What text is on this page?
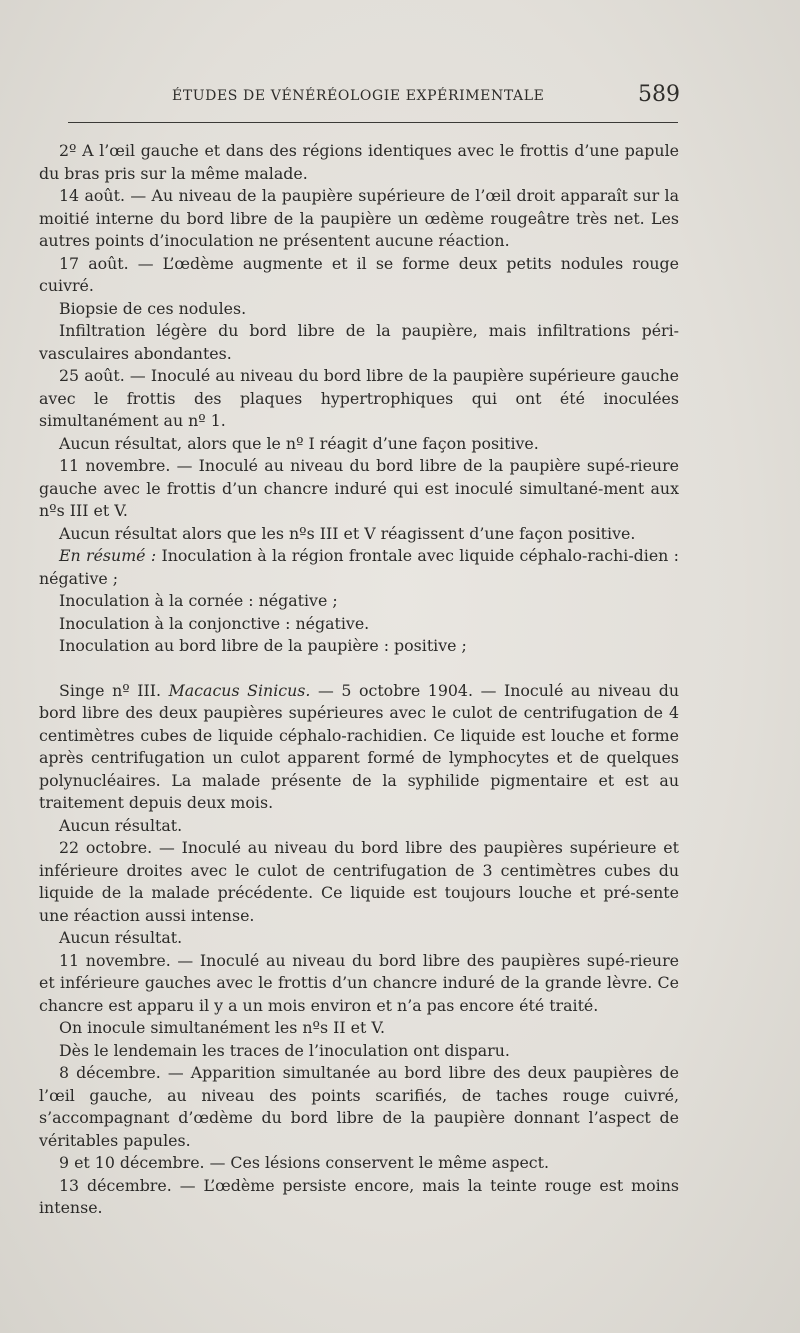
ÉTUDES DE VÉNÉRÉOLOGIE EXPÉRIMENTALE	589

2º A l’œil gauche et dans des régions identiques avec le frottis d’une papule du bras pris sur la même malade.

14 août. — Au niveau de la paupière supérieure de l’œil droit apparaît sur la moitié interne du bord libre de la paupière un œdème rougeâtre très net. Les autres points d’inoculation ne présentent aucune réaction.

17 août. — L’œdème augmente et il se forme deux petits nodules rouge cuivré.

Biopsie de ces nodules.

Infiltration légère du bord libre de la paupière, mais infiltrations péri-vasculaires abondantes.

25 août. — Inoculé au niveau du bord libre de la paupière supérieure gauche avec le frottis des plaques hypertrophiques qui ont été inoculées simultanément au nº 1.

Aucun résultat, alors que le nº I réagit d’une façon positive.

11 novembre. — Inoculé au niveau du bord libre de la paupière supé-rieure gauche avec le frottis d’un chancre induré qui est inoculé simultané-ment aux nºs III et V.

Aucun résultat alors que les nºs III et V réagissent d’une façon positive.

En résumé : Inoculation à la région frontale avec liquide céphalo-rachi-dien : négative ;

Inoculation à la cornée : négative ;

Inoculation à la conjonctive : négative.

Inoculation au bord libre de la paupière : positive ;

Singe nº III. Macacus Sinicus. — 5 octobre 1904. — Inoculé au niveau du bord libre des deux paupières supérieures avec le culot de centrifugation de 4 centimètres cubes de liquide céphalo-rachidien. Ce liquide est louche et forme après centrifugation un culot apparent formé de lymphocytes et de quelques polynucléaires. La malade présente de la syphilide pigmentaire et est au traitement depuis deux mois.

Aucun résultat.

22 octobre. — Inoculé au niveau du bord libre des paupières supérieure et inférieure droites avec le culot de centrifugation de 3 centimètres cubes du liquide de la malade précédente. Ce liquide est toujours louche et pré-sente une réaction aussi intense.

Aucun résultat.

11 novembre. — Inoculé au niveau du bord libre des paupières supé-rieure et inférieure gauches avec le frottis d’un chancre induré de la grande lèvre. Ce chancre est apparu il y a un mois environ et n’a pas encore été traité.

On inocule simultanément les nºs II et V.

Dès le lendemain les traces de l’inoculation ont disparu.

8 décembre. — Apparition simultanée au bord libre des deux paupières de l’œil gauche, au niveau des points scarifiés, de taches rouge cuivré, s’accompagnant d’œdème du bord libre de la paupière donnant l’aspect de véritables papules.

9 et 10 décembre. — Ces lésions conservent le même aspect.

13 décembre. — L’œdème persiste encore, mais la teinte rouge est moins intense.
